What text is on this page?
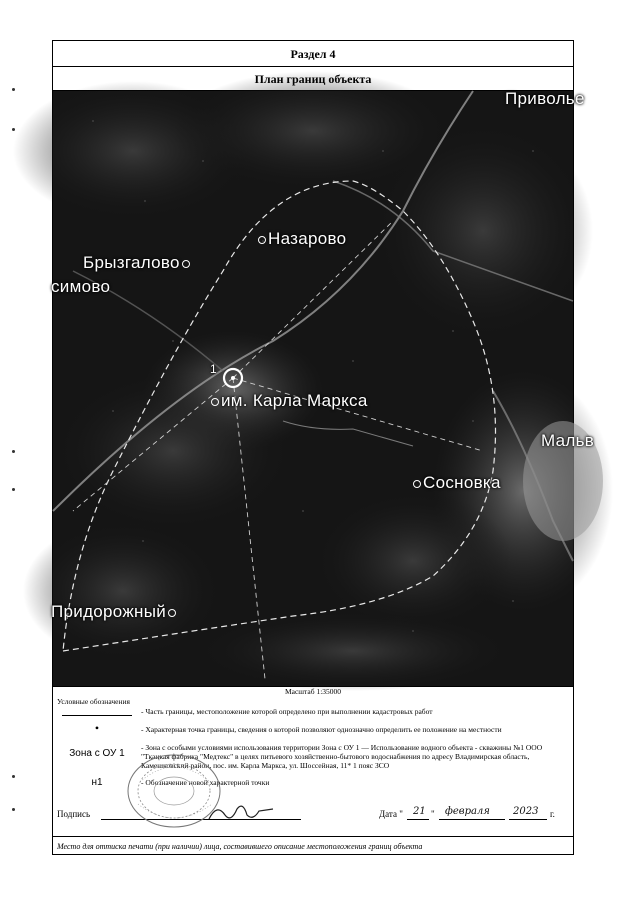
Раздел 4
Привольe
Назарово
Брызгалово
симово
1
им. Карла Маркса
Мальв
Сосновка
Придорожный
Масштаб 1:35000
Условные обозначения
- Часть границы, местоположение которой определено при выполнении кадастровых работ
•	- Характерная точка границы, сведения о которой позволяют однозначно определить ее положение на местности
Зона с ОУ 1
- Зона с особыми условиями использования территории Зона с ОУ 1 — Использование водного объекта - скважины №1 ООО "Ткацкая фабрика "Медтекс" в целях питьевого хозяйственно-бытового водоснабжения по адресу Владимирская область, Камешковский район, пос. им. Карла Маркса, ул. Шоссейная, 11* 1 пояс ЗСО
н1	- Обозначение новой характерной точки
Подпись	Дата " 21 " февраля 2023 г.
Место для оттиска печати (при наличии) лица, составившего описание местоположения границ объекта
